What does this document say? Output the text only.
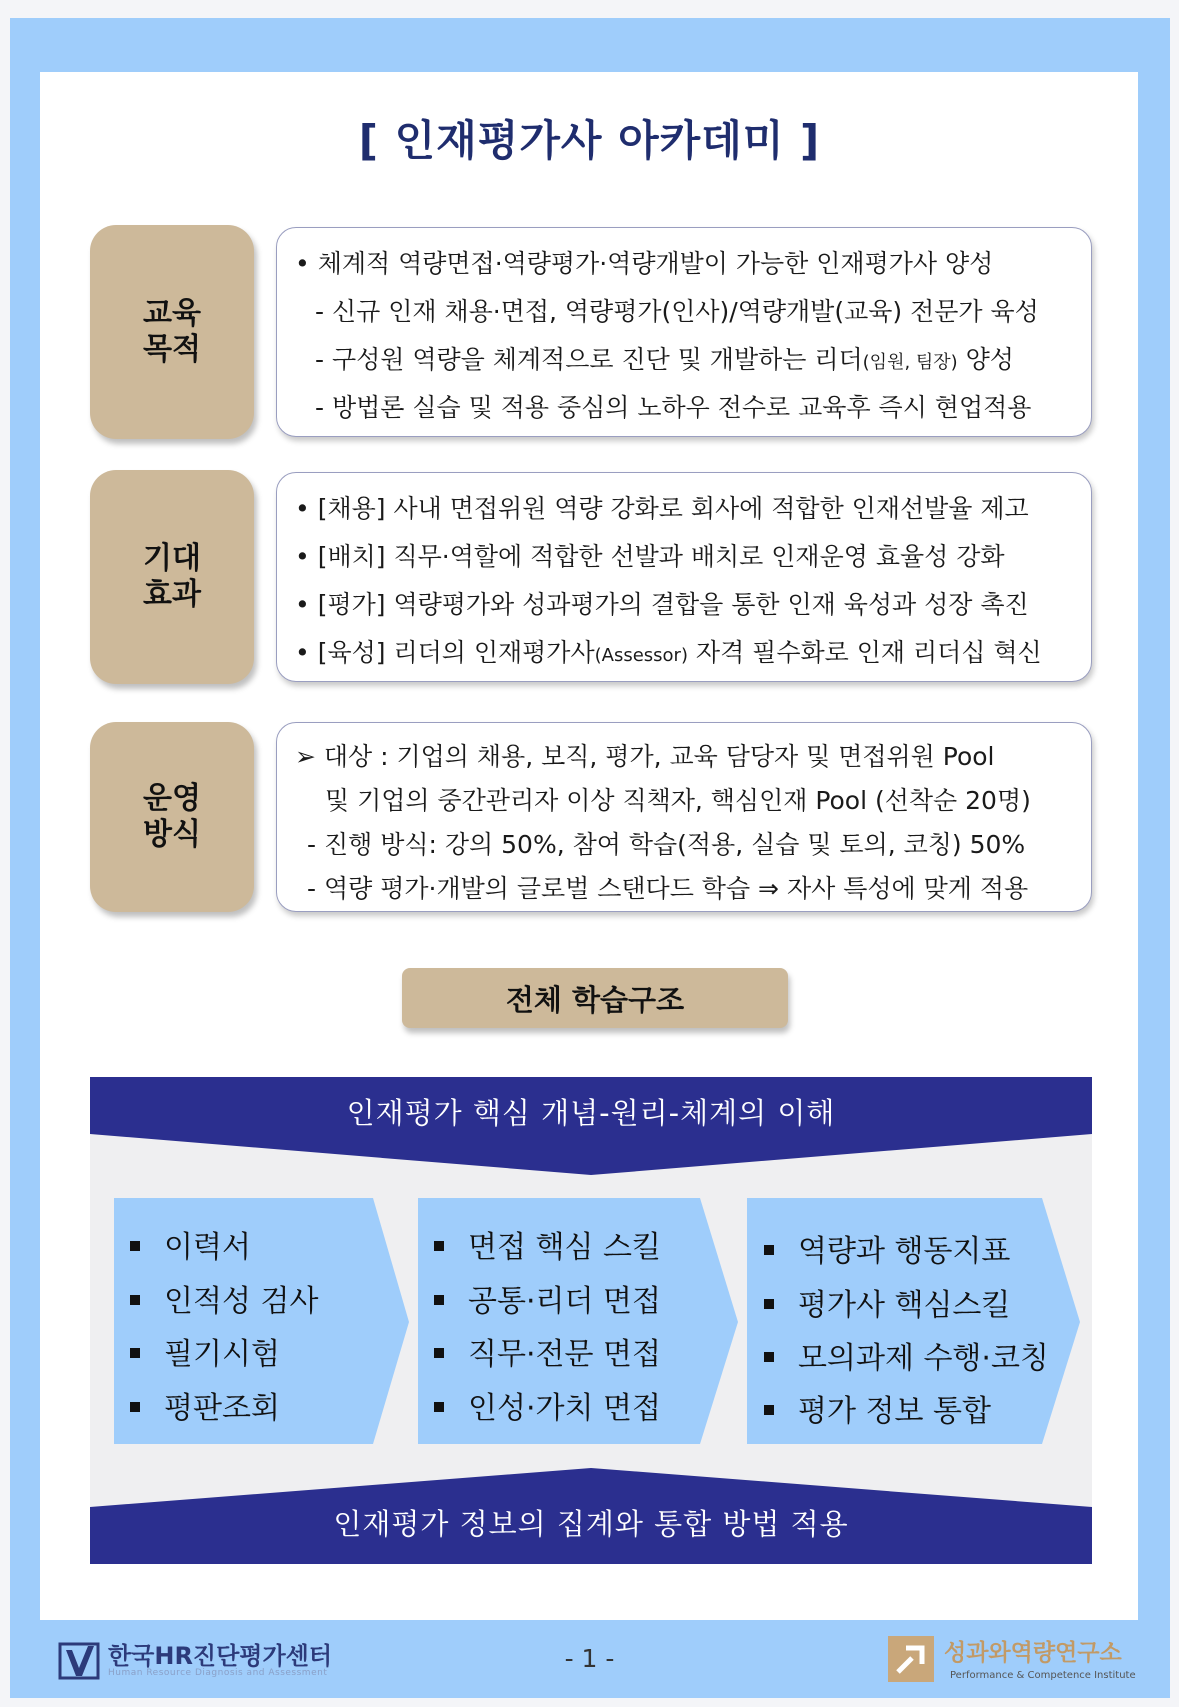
[ 인재평가사 아카데미 ]
교육
목적
• 체계적 역량면접·역량평가·역량개발이 가능한 인재평가사 양성
- 신규 인재 채용·면접, 역량평가(인사)/역량개발(교육) 전문가 육성
- 구성원 역량을 체계적으로 진단 및 개발하는 리더(임원, 팀장) 양성
- 방법론 실습 및 적용 중심의 노하우 전수로 교육후 즉시 현업적용
기대
효과
• [채용] 사내 면접위원 역량 강화로 회사에 적합한 인재선발율 제고
• [배치] 직무·역할에 적합한 선발과 배치로 인재운영 효율성 강화
• [평가] 역량평가와 성과평가의 결합을 통한 인재 육성과 성장 촉진
• [육성] 리더의 인재평가사(Assessor) 자격 필수화로 인재 리더십 혁신
운영
방식
➢ 대상 : 기업의 채용, 보직, 평가, 교육 담당자 및 면접위원 Pool
및 기업의 중간관리자 이상 직책자, 핵심인재 Pool (선착순 20명)
- 진행 방식: 강의 50%, 참여 학습(적용, 실습 및 토의, 코칭) 50%
- 역량 평가·개발의 글로벌 스탠다드 학습 ⇒ 자사 특성에 맞게 적용
전체 학습구조
인재평가 핵심 개념-원리-체계의 이해
인재평가 정보의 집계와 통합 방법 적용
이력서
인적성 검사
필기시험
평판조회
면접 핵심 스킬
공통·리더 면접
직무·전문 면접
인성·가치 면접
역량과 행동지표
평가사 핵심스킬
모의과제 수행·코칭
평가 정보 통합
한국HR진단평가센터
Human Resource Diagnosis and Assessment	- 1 -	성과와역량연구소
Performance & Competence Institute
